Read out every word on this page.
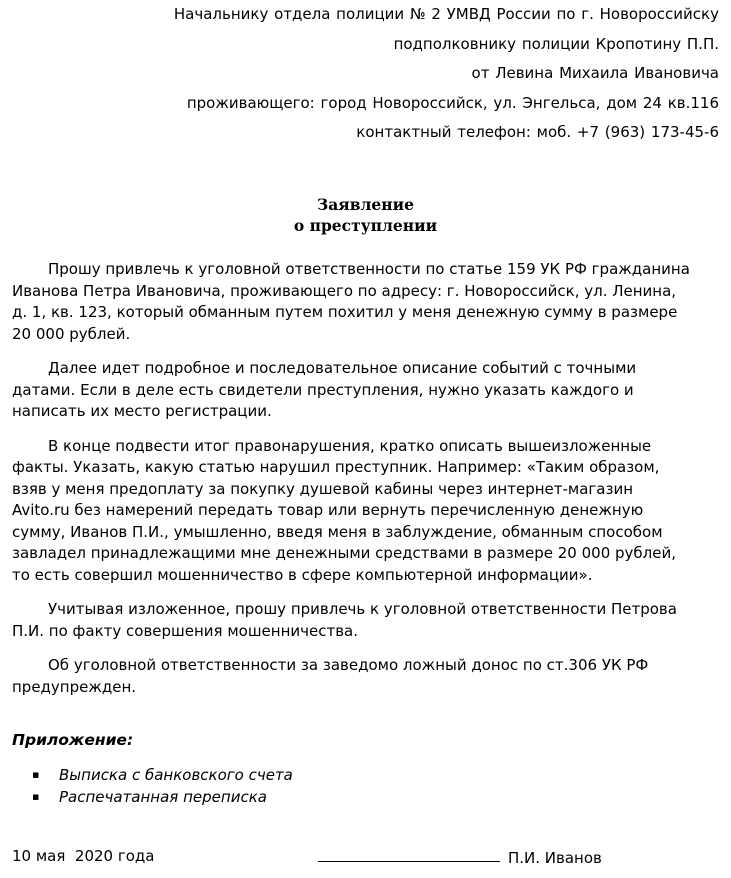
Начальнику отдела полиции № 2 УМВД России по г. Новороссийску
подполковнику полиции Кропотину П.П.
от Левина Михаила Ивановича
проживающего: город Новороссийск, ул. Энгельса, дом 24 кв.116
контактный телефон: моб. +7 (963) 173-45-6
Заявление
о преступлении
Прошу привлечь к уголовной ответственности по статье 159 УК РФ гражданина
Иванова Петра Ивановича, проживающего по адресу: г. Новороссийск, ул. Ленина,
д. 1, кв. 123, который обманным путем похитил у меня денежную сумму в размере
20 000 рублей.
Далее идет подробное и последовательное описание событий с точными
датами. Если в деле есть свидетели преступления, нужно указать каждого и
написать их место регистрации.
В конце подвести итог правонарушения, кратко описать вышеизложенные
факты. Указать, какую статью нарушил преступник. Например: «Таким образом,
взяв у меня предоплату за покупку душевой кабины через интернет-магазин
Avito.ru без намерений передать товар или вернуть перечисленную денежную
сумму, Иванов П.И., умышленно, введя меня в заблуждение, обманным способом
завладел принадлежащими мне денежными средствами в размере 20 000 рублей,
то есть совершил мошенничество в сфере компьютерной информации».
Учитывая изложенное, прошу привлечь к уголовной ответственности Петрова
П.И. по факту совершения мошенничества.
Об уголовной ответственности за заведомо ложный донос по ст.306 УК РФ
предупрежден.
Приложение:
▪ Выписка с банковского счета
▪ Распечатанная переписка
10 мая  2020 года	П.И. Иванов
